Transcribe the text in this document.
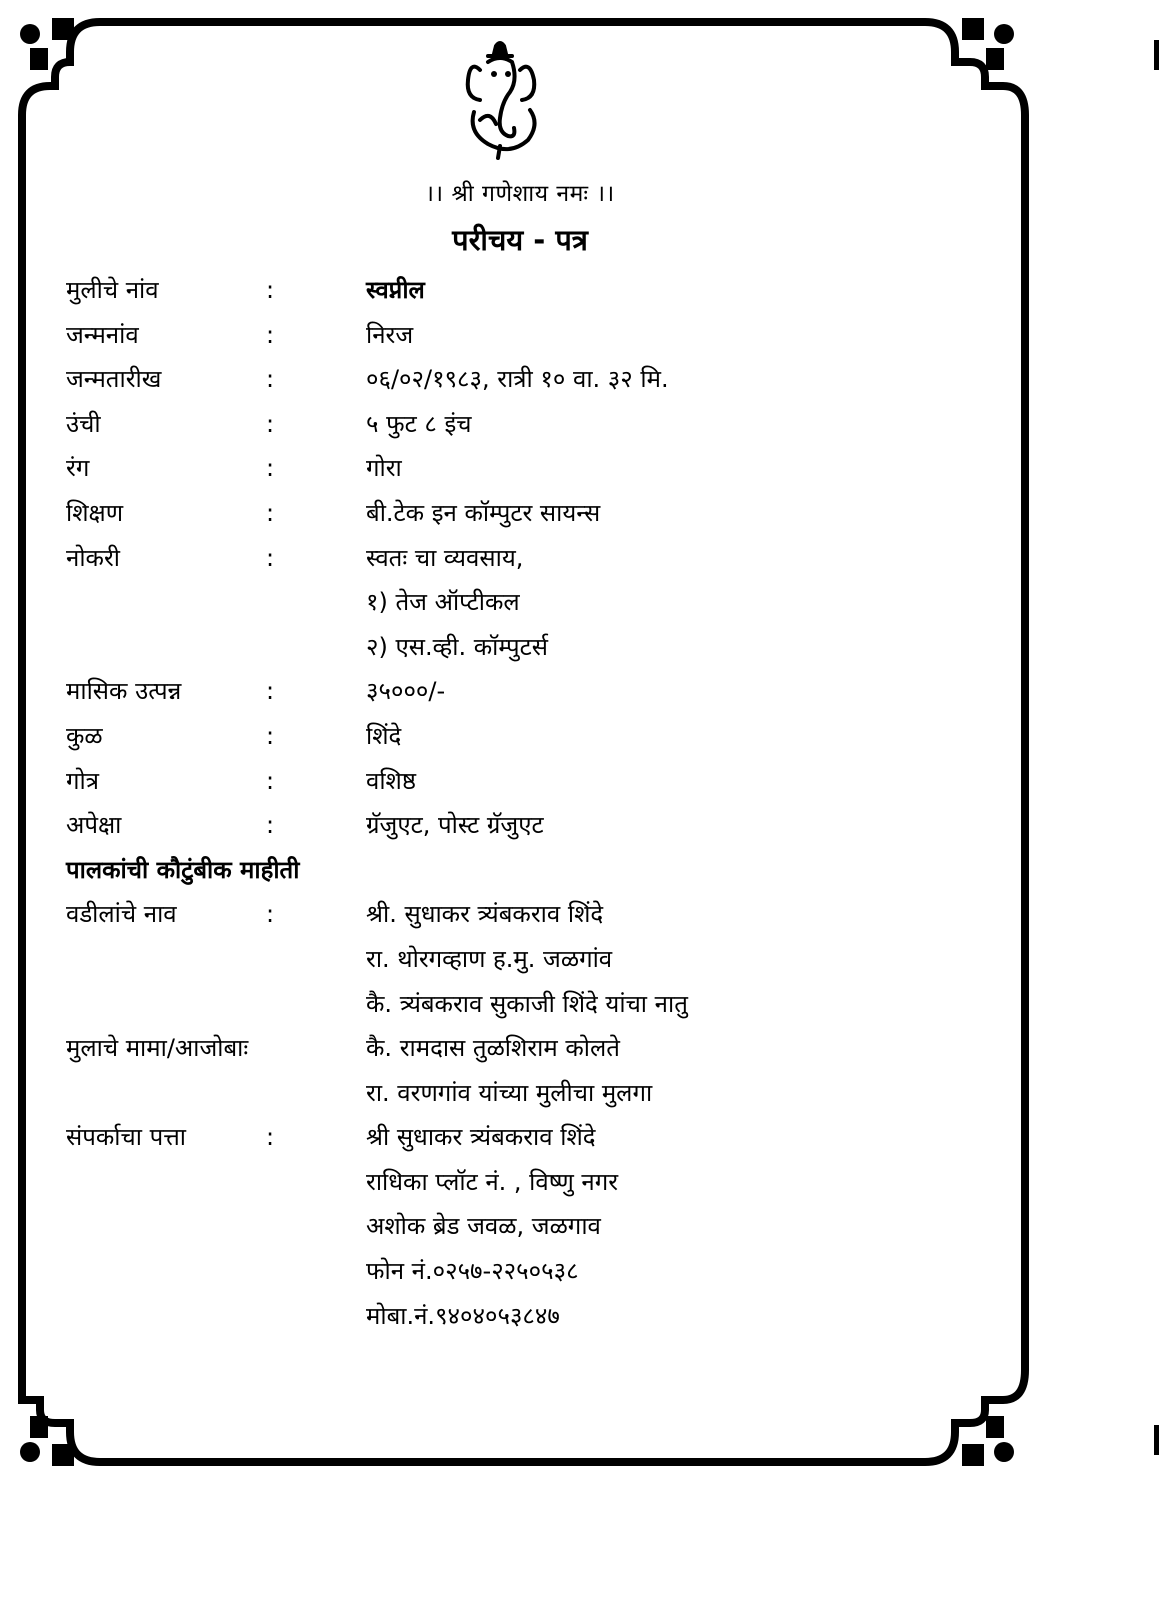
।। श्री गणेशाय नमः ।।
परीचय - पत्र
मुलीचे नांव	:	स्वप्नील
जन्मनांव	:	निरज
जन्मतारीख	:	०६/०२/१९८३, रात्री १० वा. ३२ मि.
उंची	:	५ फुट ८ इंच
रंग	:	गोरा
शिक्षण	:	बी.टेक इन कॉम्पुटर सायन्स
नोकरी	:	स्वतः चा व्यवसाय,
१) तेज ऑप्टीकल
२) एस.व्ही. कॉम्पुटर्स
मासिक उत्पन्न	:	३५०००/-
कुळ	:	शिंदे
गोत्र	:	वशिष्ठ
अपेक्षा	:	ग्रॅजुएट, पोस्ट ग्रॅजुएट
पालकांची कौटुंबीक माहीती
वडीलांचे नाव	:	श्री. सुधाकर त्र्यंबकराव शिंदे
रा. थोरगव्हाण ह.मु. जळगांव
कै. त्र्यंबकराव सुकाजी शिंदे यांचा नातु
मुलाचे मामा/आजोबाः	कै. रामदास तुळशिराम कोलते
रा. वरणगांव यांच्या मुलीचा मुलगा
संपर्काचा पत्ता	:	श्री सुधाकर त्र्यंबकराव शिंदे
राधिका प्लॉट नं. , विष्णु नगर
अशोक ब्रेड जवळ, जळगाव
फोन नं.०२५७-२२५०५३८
मोबा.नं.९४०४०५३८४७
